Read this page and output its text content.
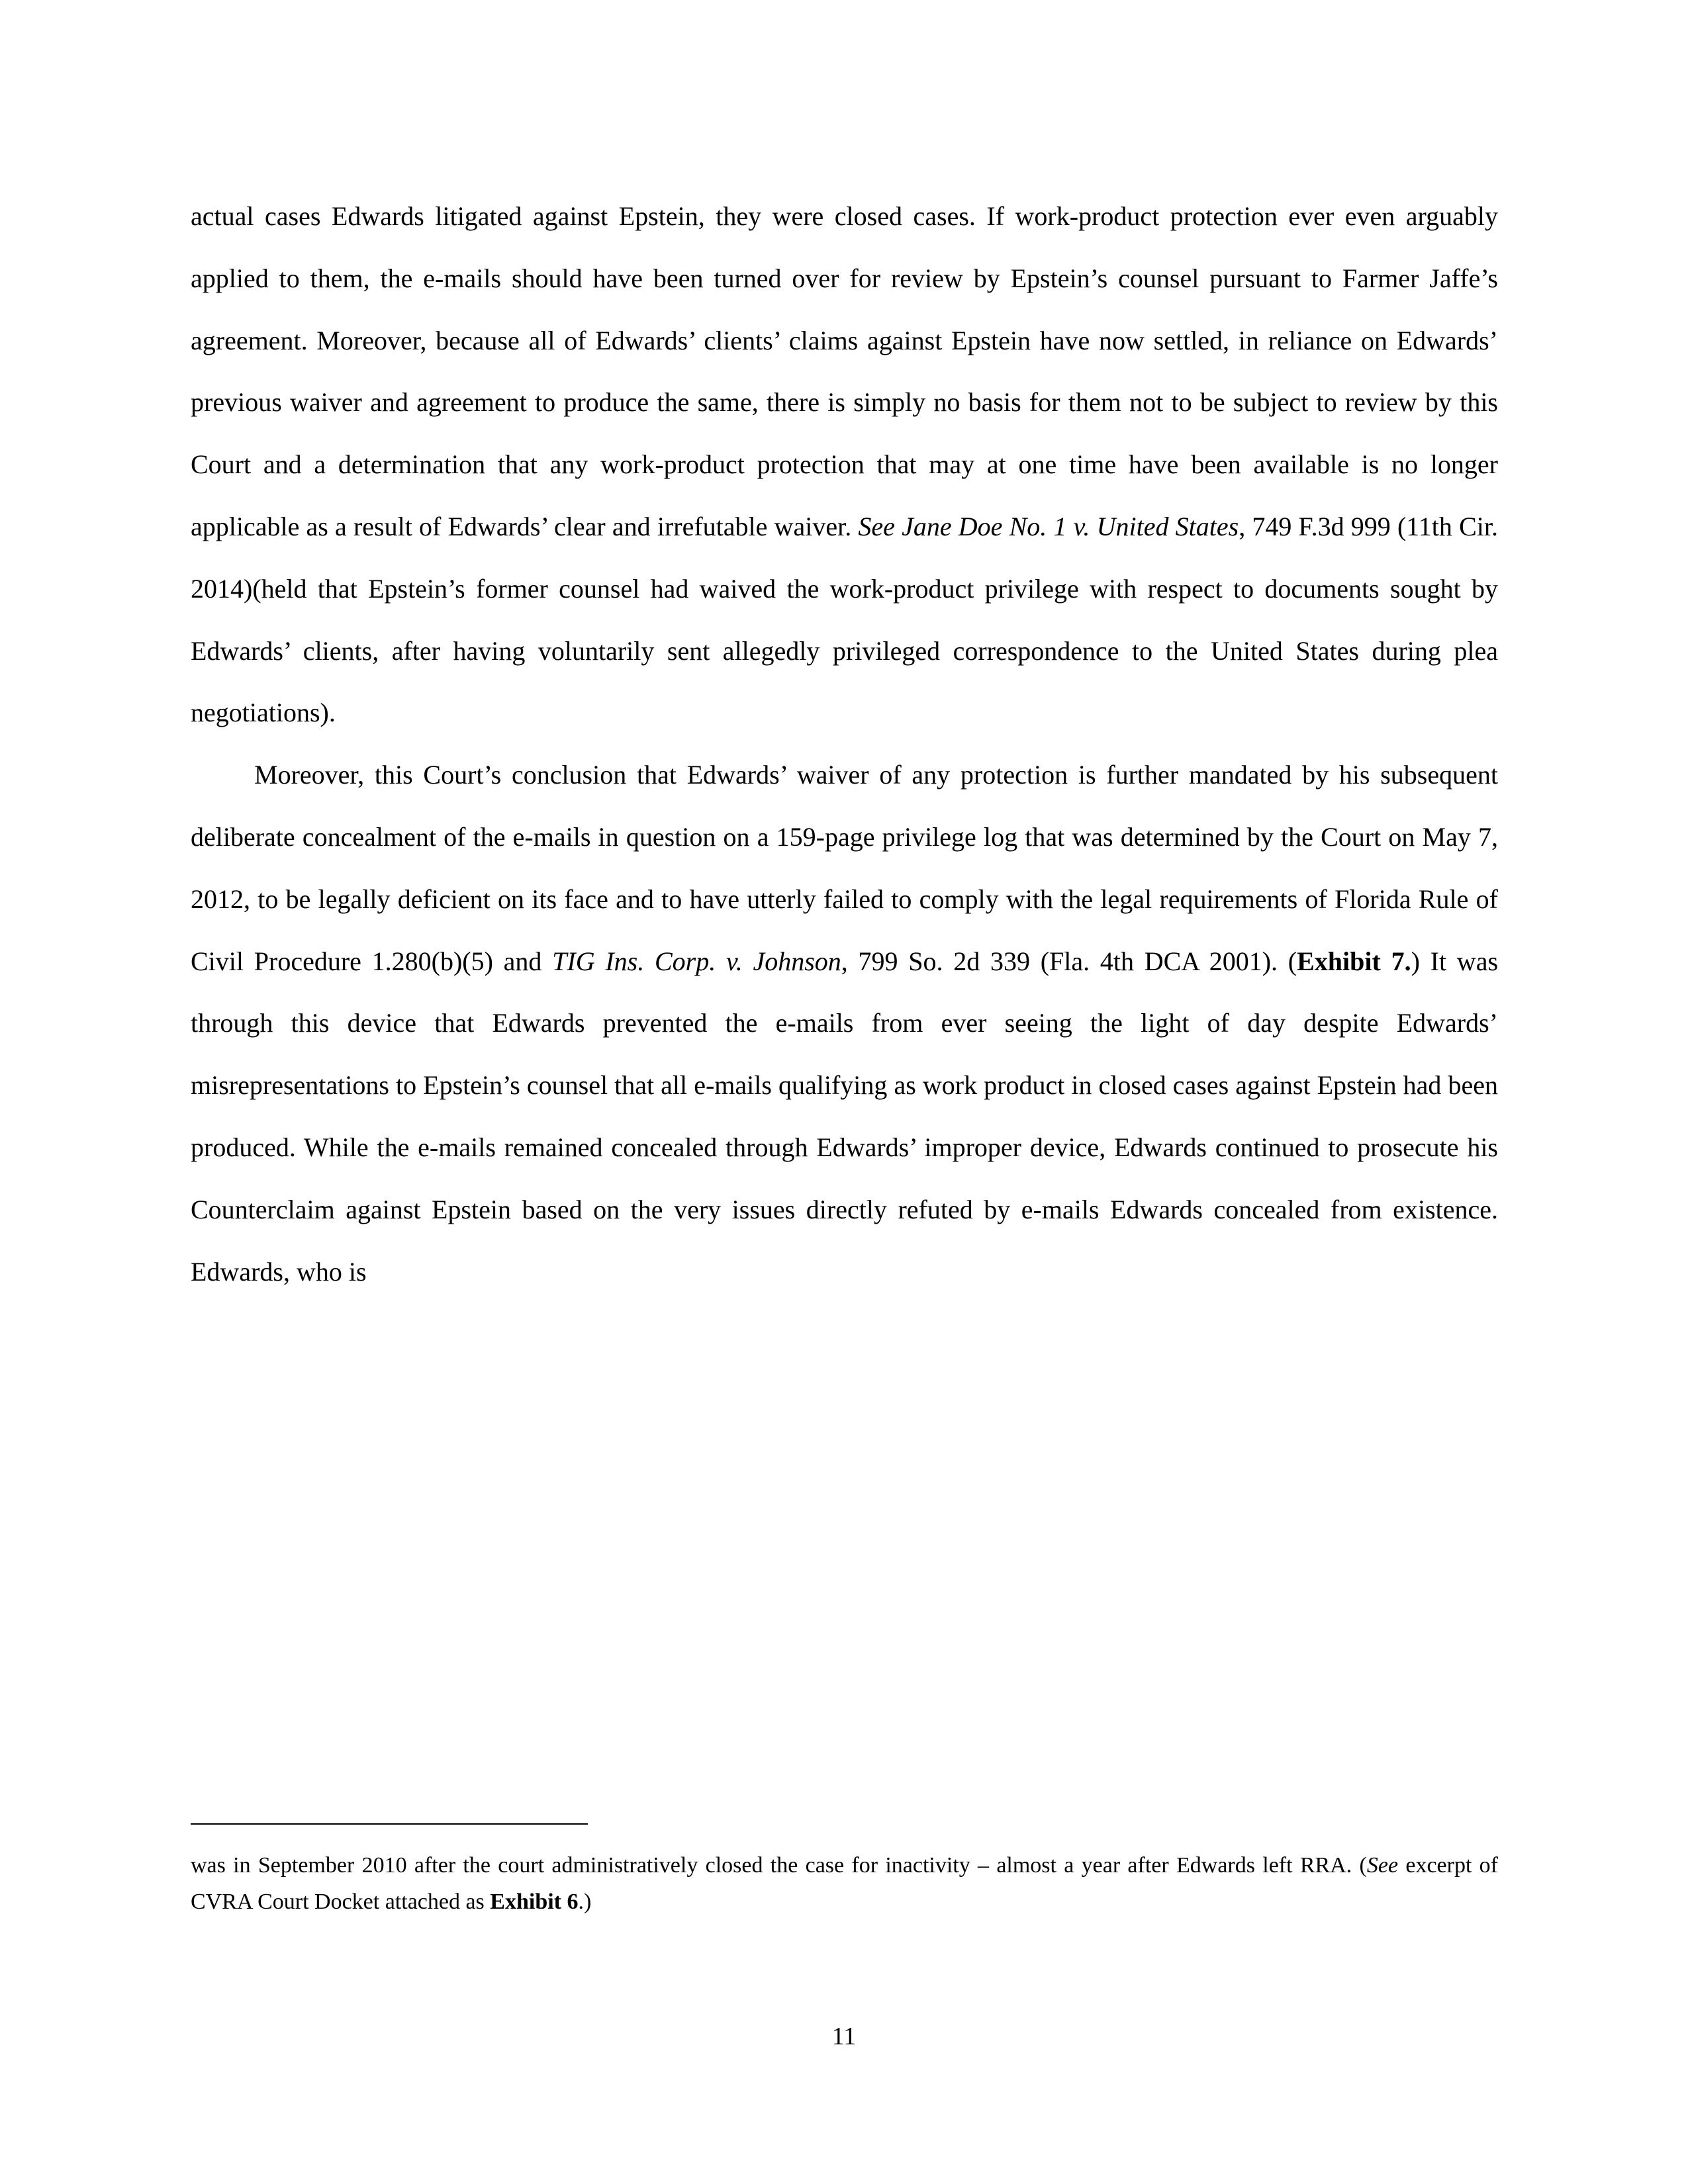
actual cases Edwards litigated against Epstein, they were closed cases. If work-product protection ever even arguably applied to them, the e-mails should have been turned over for review by Epstein’s counsel pursuant to Farmer Jaffe’s agreement. Moreover, because all of Edwards’ clients’ claims against Epstein have now settled, in reliance on Edwards’ previous waiver and agreement to produce the same, there is simply no basis for them not to be subject to review by this Court and a determination that any work-product protection that may at one time have been available is no longer applicable as a result of Edwards’ clear and irrefutable waiver. See Jane Doe No. 1 v. United States, 749 F.3d 999 (11th Cir. 2014)(held that Epstein’s former counsel had waived the work-product privilege with respect to documents sought by Edwards’ clients, after having voluntarily sent allegedly privileged correspondence to the United States during plea negotiations).

Moreover, this Court’s conclusion that Edwards’ waiver of any protection is further mandated by his subsequent deliberate concealment of the e-mails in question on a 159-page privilege log that was determined by the Court on May 7, 2012, to be legally deficient on its face and to have utterly failed to comply with the legal requirements of Florida Rule of Civil Procedure 1.280(b)(5) and TIG Ins. Corp. v. Johnson, 799 So. 2d 339 (Fla. 4th DCA 2001). (Exhibit 7.) It was through this device that Edwards prevented the e-mails from ever seeing the light of day despite Edwards’ misrepresentations to Epstein’s counsel that all e-mails qualifying as work product in closed cases against Epstein had been produced. While the e-mails remained concealed through Edwards’ improper device, Edwards continued to prosecute his Counterclaim against Epstein based on the very issues directly refuted by e-mails Edwards concealed from existence. Edwards, who is

was in September 2010 after the court administratively closed the case for inactivity – almost a year after Edwards left RRA. (See excerpt of CVRA Court Docket attached as Exhibit 6.)

11
